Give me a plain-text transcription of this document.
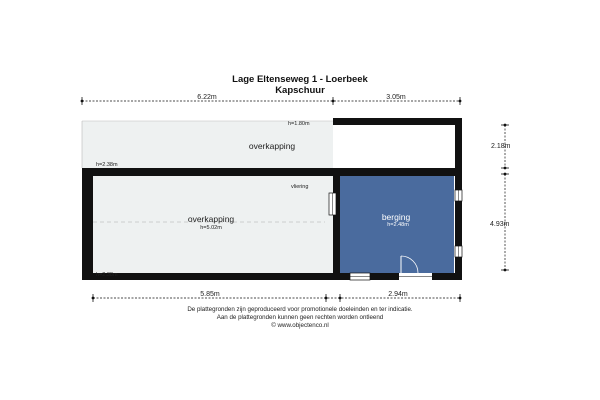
Lage Eltenseweg 1 - Loerbeek
Kapschuur
6.22m	3.05m
overkapping
h=1.80m
h=2.38m
overkapping
h=5.02m
vliering
h=2.38m
berging
h=2.48m
2.18m
4.93m
5.85m	2.94m
De plattegronden zijn geproduceerd voor promotionele doeleinden en ter indicatie.
Aan de plattegronden kunnen geen rechten worden ontleend
© www.objectenco.nl
